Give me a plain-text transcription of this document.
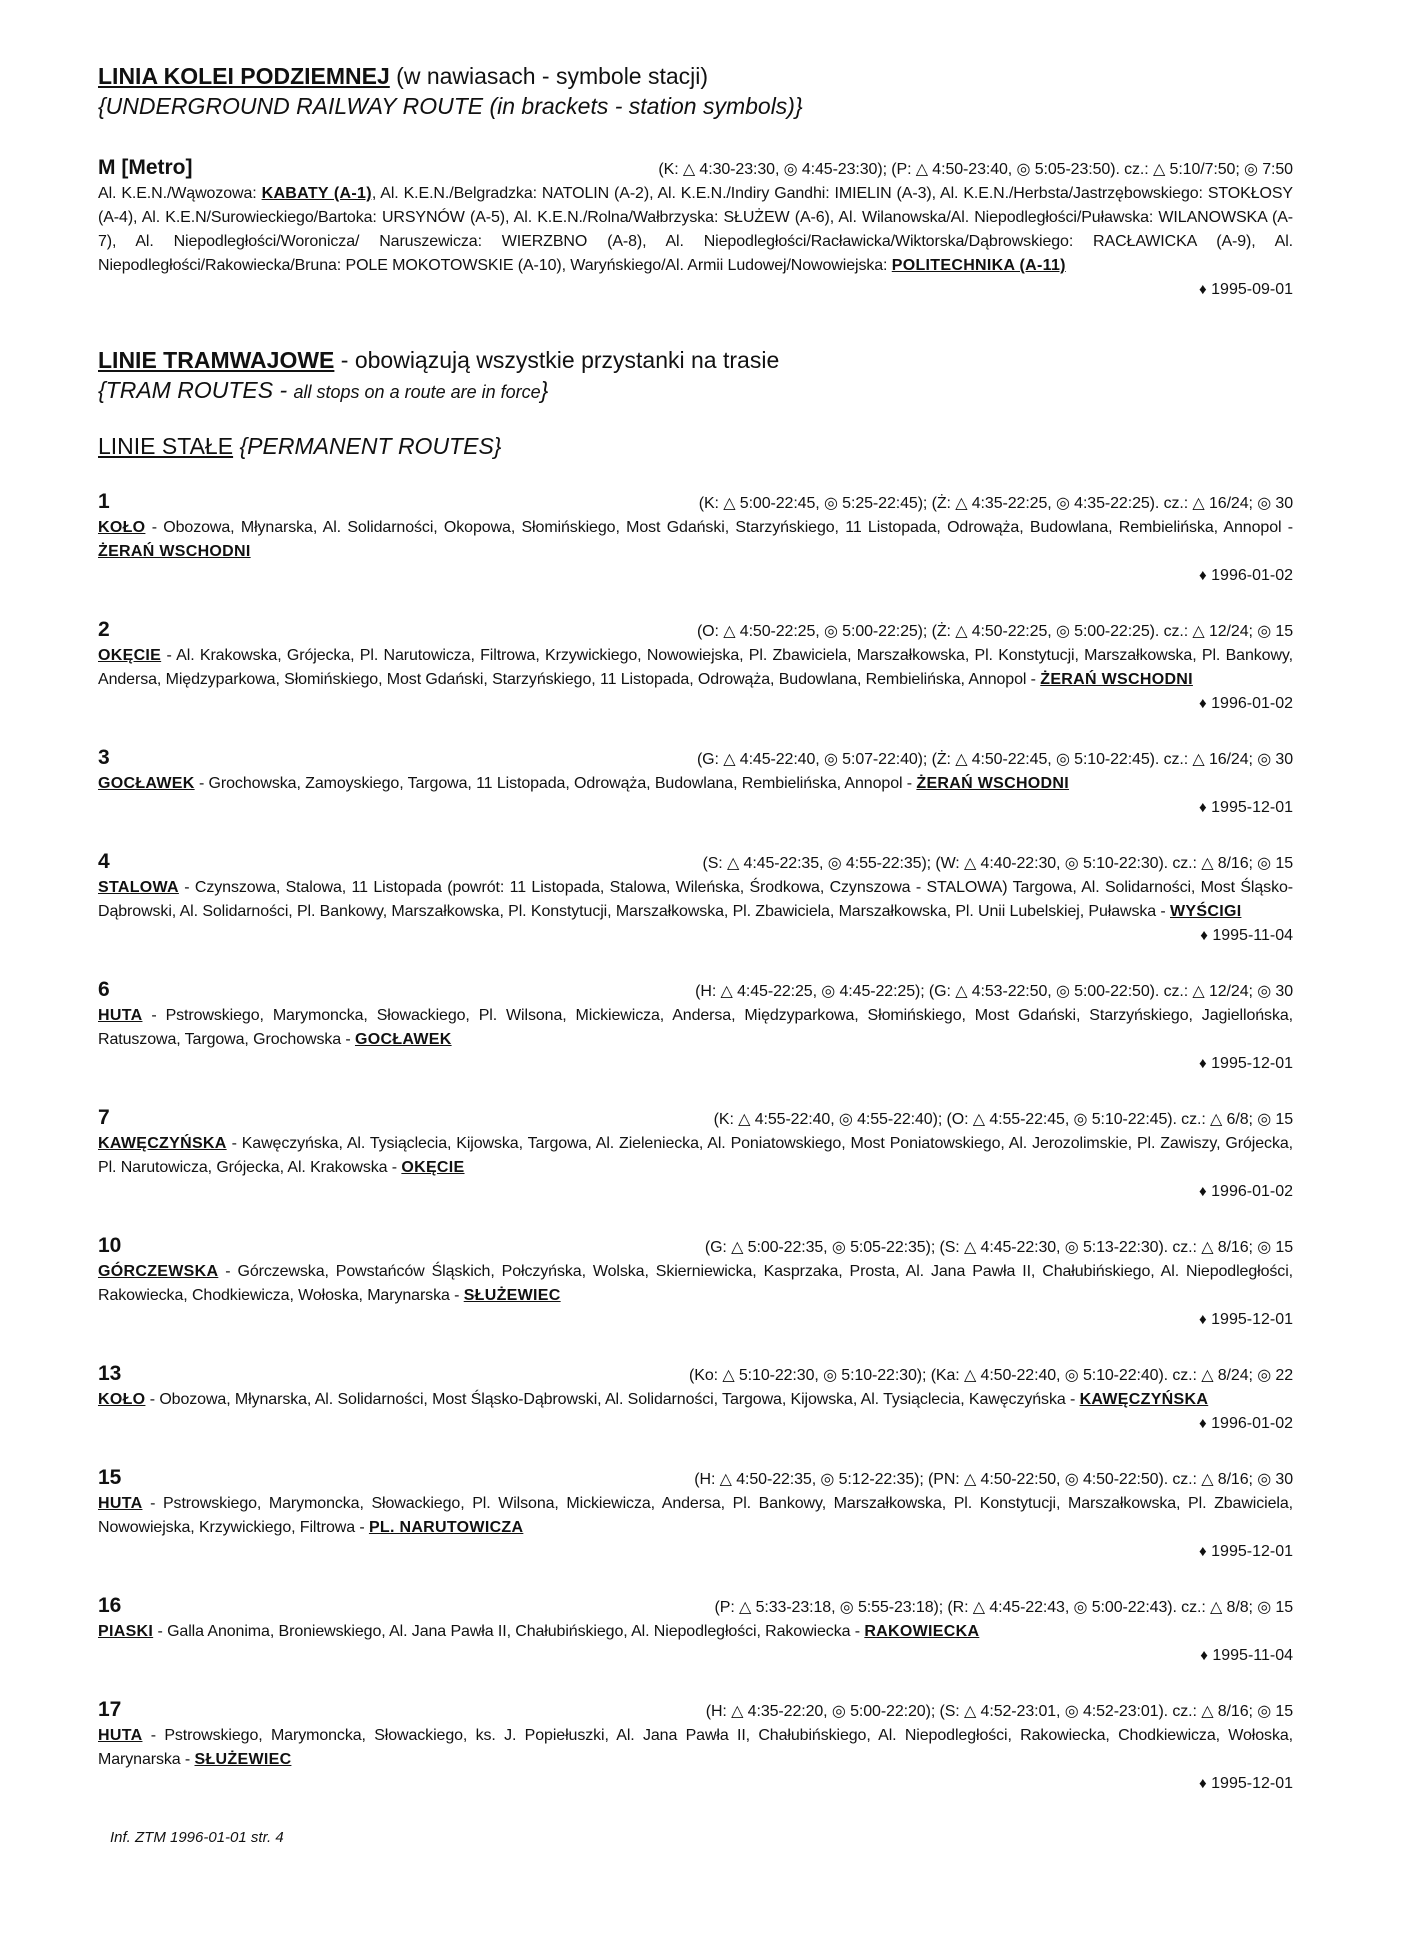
LINIA KOLEI PODZIEMNEJ (w nawiasach - symbole stacji)

{UNDERGROUND RAILWAY ROUTE (in brackets - station symbols)}

M [Metro]	(K: △ 4:30-23:30, ◎ 4:45-23:30); (P: △ 4:50-23:40, ◎ 5:05-23:50). cz.: △ 5:10/7:50; ◎ 7:50
Al. K.E.N./Wąwozowa: KABATY (A-1), Al. K.E.N./Belgradzka: NATOLIN (A-2), Al. K.E.N./Indiry Gandhi: IMIELIN (A-3), Al. K.E.N./Herbsta/Jastrzębowskiego: STOKŁOSY (A-4), Al. K.E.N/Surowieckiego/Bartoka: URSYNÓW (A-5), Al. K.E.N./Rolna/Wałbrzyska: SŁUŻEW (A-6), Al. Wilanowska/Al. Niepodległości/Puławska: WILANOWSKA (A-7), Al. Niepodległości/Woroniczа/ Naruszewicza: WIERZBNO (A-8), Al. Niepodległości/Racławicka/Wiktorska/Dąbrowskiego: RACŁAWICKA (A-9), Al. Niepodległości/Rakowiecka/Bruna: POLE MOKOTOWSKIE (A-10), Waryńskiego/Al. Armii Ludowej/Nowowiejska: POLITECHNIKA (A-11)
♦ 1995-09-01

LINIE TRAMWAJOWE - obowiązują wszystkie przystanki na trasie

{TRAM ROUTES - all stops on a route are in force}

LINIE STAŁE {PERMANENT ROUTES}

1	(K: △ 5:00-22:45, ◎ 5:25-22:45); (Ż: △ 4:35-22:25, ◎ 4:35-22:25). cz.: △ 16/24; ◎ 30
KOŁO - Obozowa, Młynarska, Al. Solidarności, Okopowa, Słomińskiego, Most Gdański, Starzyńskiego, 11 Listopada, Odrowąża, Budowlana, Rembielińska, Annopol - ŻERAŃ WSCHODNI
♦ 1996-01-02
2	(O: △ 4:50-22:25, ◎ 5:00-22:25); (Ż: △ 4:50-22:25, ◎ 5:00-22:25). cz.: △ 12/24; ◎ 15
OKĘCIE - Al. Krakowska, Grójecka, Pl. Narutowicza, Filtrowa, Krzywickiego, Nowowiejska, Pl. Zbawiciela, Marszałkowska, Pl. Konstytucji, Marszałkowska, Pl. Bankowy, Andersa, Międzyparkowa, Słomińskiego, Most Gdański, Starzyńskiego, 11 Listopada, Odrowąża, Budowlana, Rembielińska, Annopol - ŻERAŃ WSCHODNI
♦ 1996-01-02
3	(G: △ 4:45-22:40, ◎ 5:07-22:40); (Ż: △ 4:50-22:45, ◎ 5:10-22:45). cz.: △ 16/24; ◎ 30
GOCŁAWEK - Grochowska, Zamoyskiego, Targowa, 11 Listopada, Odrowąża, Budowlana, Rembielińska, Annopol - ŻERAŃ WSCHODNI
♦ 1995-12-01
4	(S: △ 4:45-22:35, ◎ 4:55-22:35); (W: △ 4:40-22:30, ◎ 5:10-22:30). cz.: △ 8/16; ◎ 15
STALOWA - Czynszowa, Stalowa, 11 Listopada (powrót: 11 Listopada, Stalowa, Wileńska, Środkowa, Czynszowa - STALOWA) Targowa, Al. Solidarności, Most Śląsko-Dąbrowski, Al. Solidarności, Pl. Bankowy, Marszałkowska, Pl. Konstytucji, Marszałkowska, Pl. Zbawiciela, Marszałkowska, Pl. Unii Lubelskiej, Puławska - WYŚCIGI
♦ 1995-11-04
6	(H: △ 4:45-22:25, ◎ 4:45-22:25); (G: △ 4:53-22:50, ◎ 5:00-22:50). cz.: △ 12/24; ◎ 30
HUTA - Pstrowskiego, Marymoncka, Słowackiego, Pl. Wilsona, Mickiewicza, Andersa, Międzyparkowa, Słomińskiego, Most Gdański, Starzyńskiego, Jagiellońska, Ratuszowa, Targowa, Grochowska - GOCŁAWEK
♦ 1995-12-01
7	(K: △ 4:55-22:40, ◎ 4:55-22:40); (O: △ 4:55-22:45, ◎ 5:10-22:45). cz.: △ 6/8; ◎ 15
KAWĘCZYŃSKA - Kawęczyńska, Al. Tysiąclecia, Kijowska, Targowa, Al. Zieleniecka, Al. Poniatowskiego, Most Poniatowskiego, Al. Jerozolimskie, Pl. Zawiszy, Grójecka, Pl. Narutowicza, Grójecka, Al. Krakowska - OKĘCIE
♦ 1996-01-02
10	(G: △ 5:00-22:35, ◎ 5:05-22:35); (S: △ 4:45-22:30, ◎ 5:13-22:30). cz.: △ 8/16; ◎ 15
GÓRCZEWSKA - Górczewska, Powstańców Śląskich, Połczyńska, Wolska, Skierniewicka, Kasprzaka, Prosta, Al. Jana Pawła II, Chałubińskiego, Al. Niepodległości, Rakowiecka, Chodkiewicza, Wołoska, Marynarska - SŁUŻEWIEC
♦ 1995-12-01
13	(Ko: △ 5:10-22:30, ◎ 5:10-22:30); (Ka: △ 4:50-22:40, ◎ 5:10-22:40). cz.: △ 8/24; ◎ 22
KOŁO - Obozowa, Młynarska, Al. Solidarności, Most Śląsko-Dąbrowski, Al. Solidarności, Targowa, Kijowska, Al. Tysiąclecia, Kawęczyńska - KAWĘCZYŃSKA
♦ 1996-01-02
15	(H: △ 4:50-22:35, ◎ 5:12-22:35); (PN: △ 4:50-22:50, ◎ 4:50-22:50). cz.: △ 8/16; ◎ 30
HUTA - Pstrowskiego, Marymoncka, Słowackiego, Pl. Wilsona, Mickiewicza, Andersa, Pl. Bankowy, Marszałkowska, Pl. Konstytucji, Marszałkowska, Pl. Zbawiciela, Nowowiejska, Krzywickiego, Filtrowa - PL. NARUTOWICZA
♦ 1995-12-01
16	(P: △ 5:33-23:18, ◎ 5:55-23:18); (R: △ 4:45-22:43, ◎ 5:00-22:43). cz.: △ 8/8; ◎ 15
PIASKI - Galla Anonima, Broniewskiego, Al. Jana Pawła II, Chałubińskiego, Al. Niepodległości, Rakowiecka - RAKOWIECKA
♦ 1995-11-04
17	(H: △ 4:35-22:20, ◎ 5:00-22:20); (S: △ 4:52-23:01, ◎ 4:52-23:01). cz.: △ 8/16; ◎ 15
HUTA - Pstrowskiego, Marymoncka, Słowackiego, ks. J. Popiełuszki, Al. Jana Pawła II, Chałubińskiego, Al. Niepodległości, Rakowiecka, Chodkiewicza, Wołoska, Marynarska - SŁUŻEWIEC
♦ 1995-12-01
Inf. ZTM 1996-01-01 str. 4
